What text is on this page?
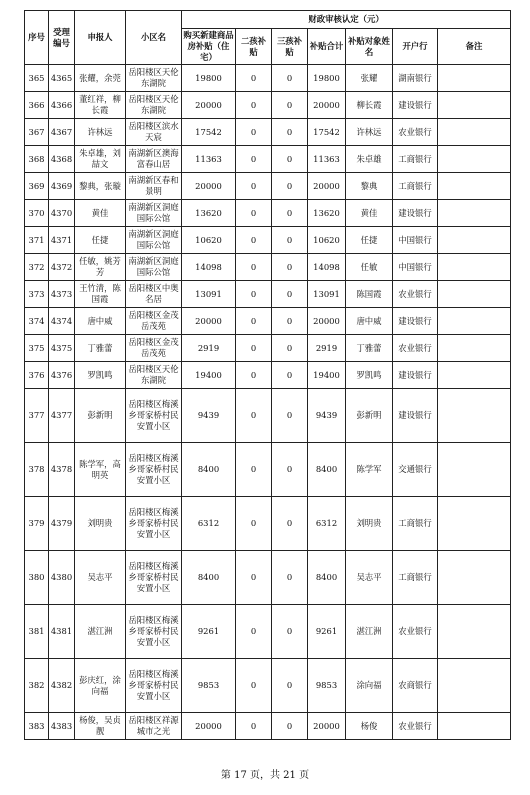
序号	受理编号	申报人	小区名	财政审核认定（元）						
				购买新建商品房补贴（住宅）	二孩补贴	三孩补贴	补贴合计	补贴对象姓名	开户行	备注
365	4365	张耀，余莞	岳阳楼区天伦东湖院	19800	0	0	19800	张耀	湖南银行	
366	4366	董红祥，柳长霞	岳阳楼区天伦东湖院	20000	0	0	20000	柳长霞	建设银行	
367	4367	许林远	岳阳楼区滨水天宸	17542	0	0	17542	许林远	农业银行	
368	4368	朱卓雄，刘喆文	南湖新区澳海富春山居	11363	0	0	11363	朱卓雄	工商银行	
369	4369	黎典，张璇	南湖新区春和景明	20000	0	0	20000	黎典	工商银行	
370	4370	黄佳	南湖新区洞庭国际公馆	13620	0	0	13620	黄佳	建设银行	
371	4371	任捷	南湖新区洞庭国际公馆	10620	0	0	10620	任捷	中国银行	
372	4372	任敏，姚芳芳	南湖新区洞庭国际公馆	14098	0	0	14098	任敏	中国银行	
373	4373	王竹清，陈国霞	岳阳楼区中奥名居	13091	0	0	13091	陈国霞	农业银行	
374	4374	唐中威	岳阳楼区金茂岳茂苑	20000	0	0	20000	唐中威	建设银行	
375	4375	丁雅蕾	岳阳楼区金茂岳茂苑	2919	0	0	2919	丁雅蕾	农业银行	
376	4376	罗凯鸣	岳阳楼区天伦东湖院	19400	0	0	19400	罗凯鸣	建设银行	
377	4377	彭新明	岳阳楼区梅溪乡哥家桥村民安置小区	9439	0	0	9439	彭新明	建设银行	
378	4378	陈学军，高明英	岳阳楼区梅溪乡哥家桥村民安置小区	8400	0	0	8400	陈学军	交通银行	
379	4379	刘明贵	岳阳楼区梅溪乡哥家桥村民安置小区	6312	0	0	6312	刘明贵	工商银行	
380	4380	吴志平	岳阳楼区梅溪乡哥家桥村民安置小区	8400	0	0	8400	吴志平	工商银行	
381	4381	湛江洲	岳阳楼区梅溪乡哥家桥村民安置小区	9261	0	0	9261	湛江洲	农业银行	
382	4382	彭庆红，涂向福	岳阳楼区梅溪乡哥家桥村民安置小区	9853	0	0	9853	涂向福	农商银行	
383	4383	杨俊，吴贞靓	岳阳楼区祥源城市之光	20000	0	0	20000	杨俊	农业银行	
第 17 页，共 21 页
